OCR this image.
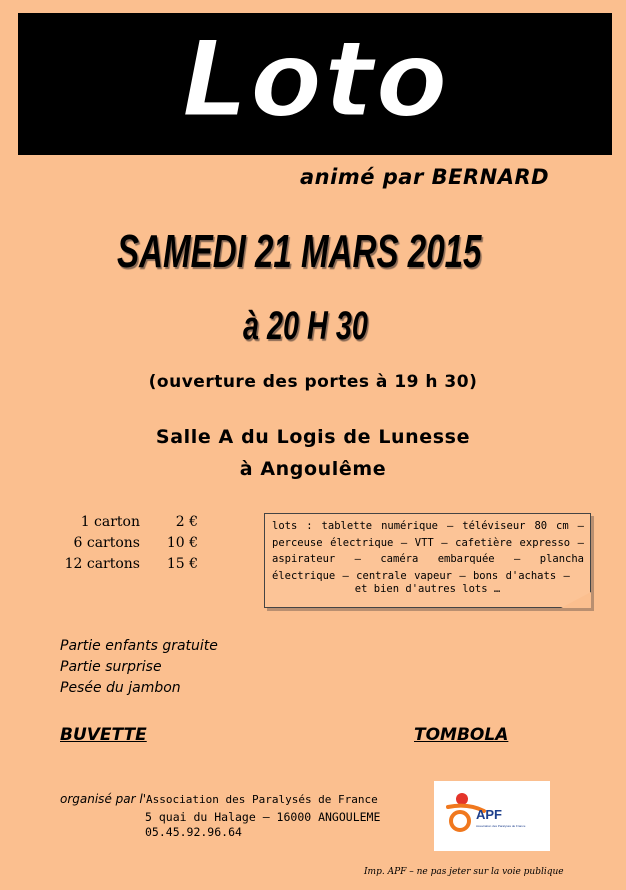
Loto
animé par BERNARD
SAMEDI 21 MARS 2015
à 20 H 30
(ouverture des portes à 19 h 30)
Salle A du Logis de Lunesse
à Angoulême
1 carton	2 €
6 cartons	10 €
12 cartons	15 €
lots : tablette numérique – téléviseur 80 cm – perceuse électrique – VTT – cafetière expresso – aspirateur – caméra embarquée – plancha électrique – centrale vapeur – bons d'achats –
et bien d'autres lots …
Partie enfants gratuite
Partie surprise
Pesée du jambon
BUVETTE	TOMBOLA
organisé par l'Association des Paralysés de France
5 quai du Halage – 16000 ANGOULEME
05.45.92.96.64
APF
Association des Paralysés de France
Imp. APF – ne pas jeter sur la voie publique
